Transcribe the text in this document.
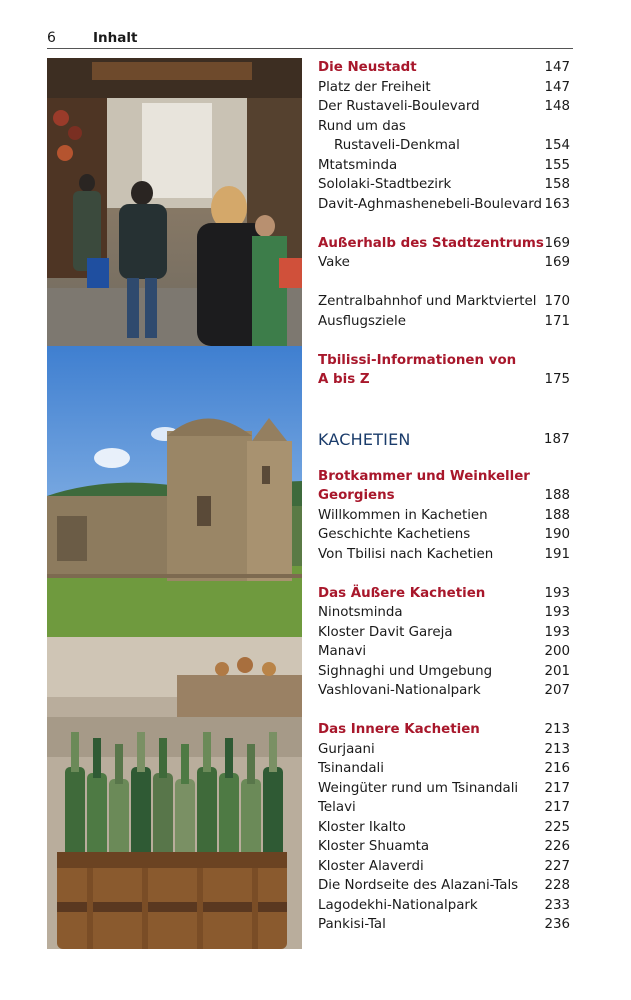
6	Inhalt
Die Neustadt	147
Platz der Freiheit	147
Der Rustaveli-Boulevard	148
Rund um das
Rustaveli-Denkmal	154
Mtatsminda	155
Sololaki-Stadtbezirk	158
Davit-Aghmashenebeli-Boulevard 163
Außerhalb des Stadtzentrums 169
Vake	169
Zentralbahnhof und Marktviertel 170
Ausflugsziele	171
Tbilissi-Informationen von
A bis Z	175
KACHETIEN	187
Brotkammer und Weinkeller
Georgiens	188
Willkommen in Kachetien	188
Geschichte Kachetiens	190
Von Tbilisi nach Kachetien	191
Das Äußere Kachetien	193
Ninotsminda	193
Kloster Davit Gareja	193
Manavi	200
Sighnaghi und Umgebung	201
Vashlovani-Nationalpark	207
Das Innere Kachetien	213
Gurjaani	213
Tsinandali	216
Weingüter rund um Tsinandali 217
Telavi	217
Kloster Ikalto	225
Kloster Shuamta	226
Kloster Alaverdi	227
Die Nordseite des Alazani-Tals 228
Lagodekhi-Nationalpark	233
Pankisi-Tal	236
